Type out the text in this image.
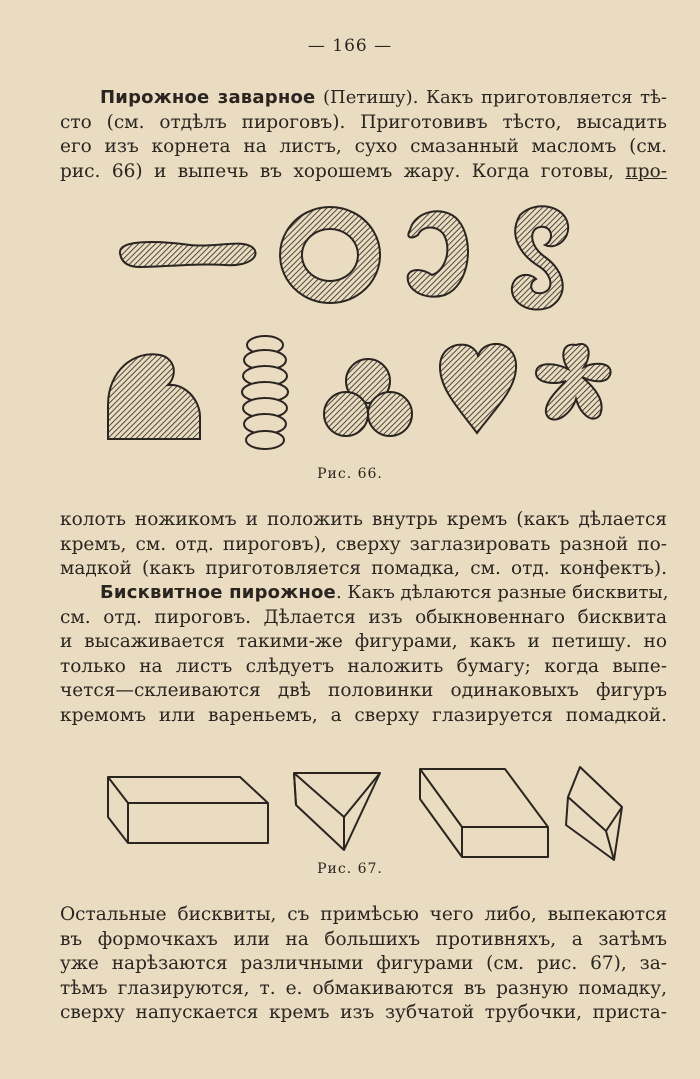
— 166 —
Пирожное заварное (Петишу). Какъ приготовляется тѣ-
сто (см. отдѣлъ пироговъ). Приготовивъ тѣсто, высадить
его изъ корнета на листъ, сухо смазанный масломъ (см.
рис. 66) и выпечь въ хорошемъ жару. Когда готовы, про-
Рис. 66.
колоть ножикомъ и положить внутрь кремъ (какъ дѣлается
кремъ, см. отд. пироговъ), сверху заглазировать разной по-
мадкой (какъ приготовляется помадка, см. отд. конфектъ).
Бисквитное пирожное. Какъ дѣлаются разные бисквиты,
см. отд. пироговъ. Дѣлается изъ обыкновеннаго бисквита
и высаживается такими-же фигурами, какъ и петишу. но
только на листъ слѣдуетъ наложить бумагу; когда выпе-
чется—склеиваются двѣ половинки одинаковыхъ фигуръ
кремомъ или вареньемъ, а сверху глазируется помадкой.
Рис. 67.
Остальные бисквиты, съ примѣсью чего либо, выпекаются
въ формочкахъ или на большихъ противняхъ, а затѣмъ
уже нарѣзаются различными фигурами (см. рис. 67), за-
тѣмъ глазируются, т. е. обмакиваются въ разную помадку,
сверху напускается кремъ изъ зубчатой трубочки, приста-
